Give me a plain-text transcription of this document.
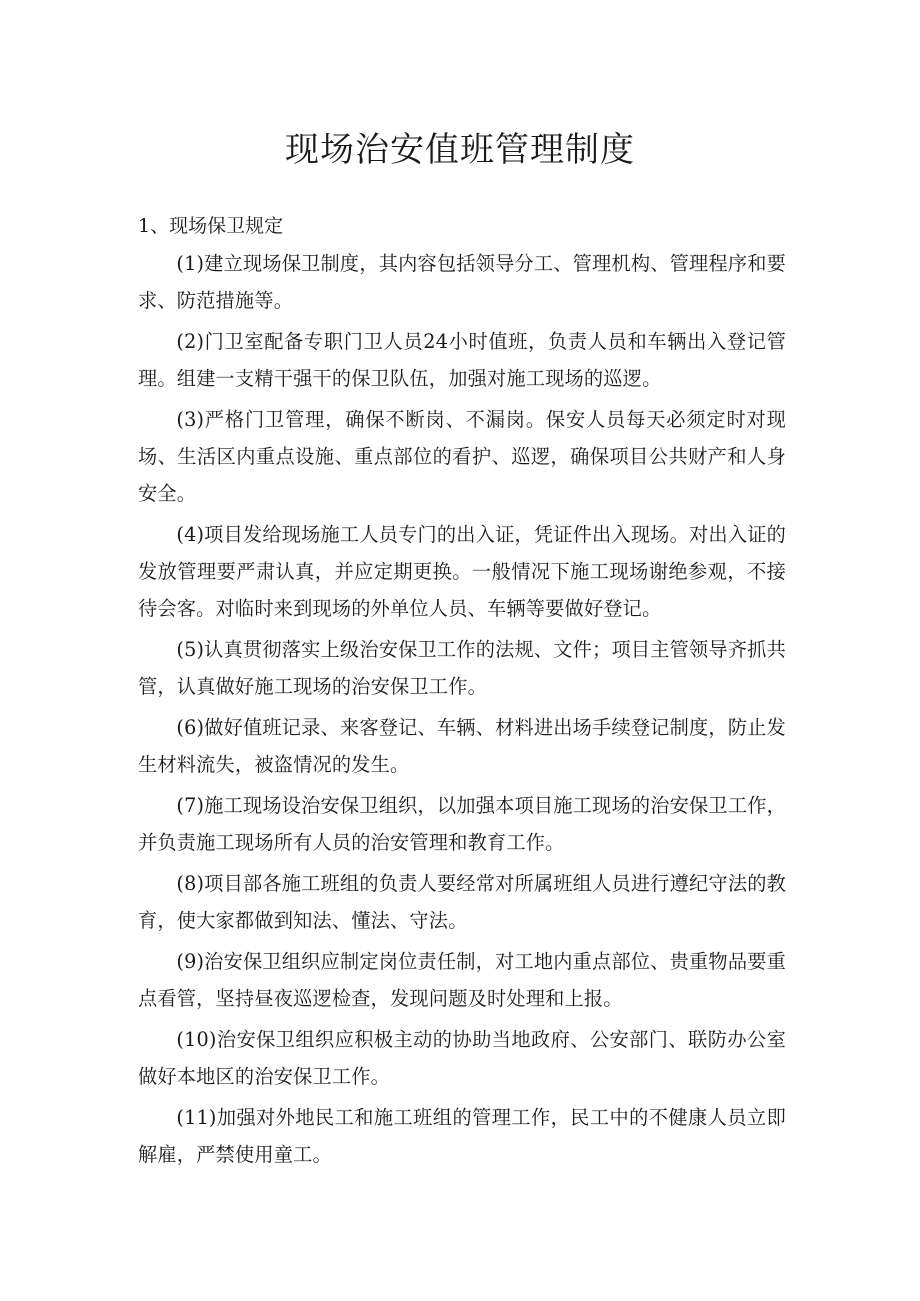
现场治安值班管理制度
1、现场保卫规定
(1)建立现场保卫制度，其内容包括领导分工、管理机构、管理程序和要求、防范措施等。
(2)门卫室配备专职门卫人员24小时值班，负责人员和车辆出入登记管理。组建一支精干强干的保卫队伍，加强对施工现场的巡逻。
(3)严格门卫管理，确保不断岗、不漏岗。保安人员每天必须定时对现场、生活区内重点设施、重点部位的看护、巡逻，确保项目公共财产和人身安全。
(4)项目发给现场施工人员专门的出入证，凭证件出入现场。对出入证的发放管理要严肃认真，并应定期更换。一般情况下施工现场谢绝参观，不接待会客。对临时来到现场的外单位人员、车辆等要做好登记。
(5)认真贯彻落实上级治安保卫工作的法规、文件；项目主管领导齐抓共管，认真做好施工现场的治安保卫工作。
(6)做好值班记录、来客登记、车辆、材料进出场手续登记制度，防止发生材料流失，被盗情况的发生。
(7)施工现场设治安保卫组织，以加强本项目施工现场的治安保卫工作，并负责施工现场所有人员的治安管理和教育工作。
(8)项目部各施工班组的负责人要经常对所属班组人员进行遵纪守法的教育，使大家都做到知法、懂法、守法。
(9)治安保卫组织应制定岗位责任制，对工地内重点部位、贵重物品要重点看管，坚持昼夜巡逻检查，发现问题及时处理和上报。
(10)治安保卫组织应积极主动的协助当地政府、公安部门、联防办公室做好本地区的治安保卫工作。
(11)加强对外地民工和施工班组的管理工作，民工中的不健康人员立即解雇，严禁使用童工。
